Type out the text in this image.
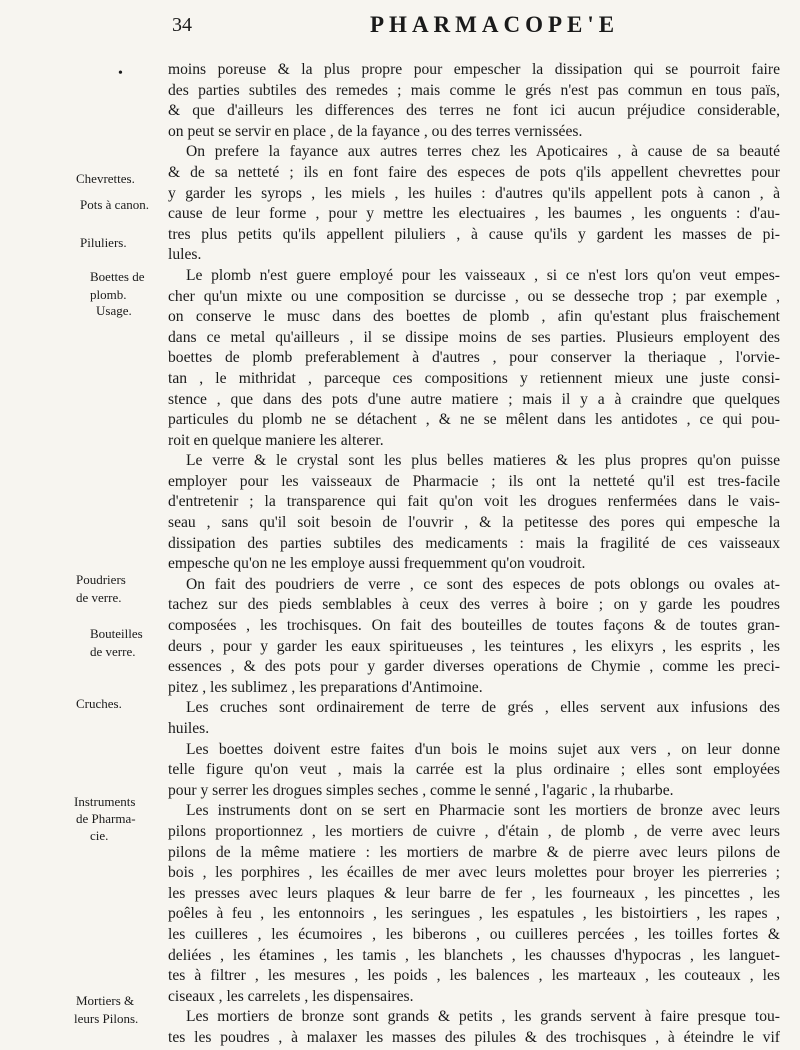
34	PHARMACOPE'E
•
Chevrettes.
Pots à canon.
Piluliers.
Boettes de
plomb.
Usage.
Poudriers
de verre.
Bouteilles
de verre.
Cruches.
Instruments
de Pharma-
cie.
Mortiers &
leurs Pilons.
moins poreuse & la plus propre pour empescher la dissipation qui se pourroit faire
des parties subtiles des remedes ; mais comme le grés n'est pas commun en tous païs,
& que d'ailleurs les differences des terres ne font ici aucun préjudice considerable,
on peut se servir en place , de la fayance , ou des terres vernissées.
On prefere la fayance aux autres terres chez les Apoticaires , à cause de sa beauté
& de sa netteté ; ils en font faire des especes de pots q'ils appellent chevrettes pour
y garder les syrops , les miels , les huiles : d'autres qu'ils appellent pots à canon , à
cause de leur forme , pour y mettre les electuaires , les baumes , les onguents : d'au-
tres plus petits qu'ils appellent piluliers , à cause qu'ils y gardent les masses de pi-
lules.
Le plomb n'est guere employé pour les vaisseaux , si ce n'est lors qu'on veut empes-
cher qu'un mixte ou une composition se durcisse , ou se desseche trop ; par exemple ,
on conserve le musc dans des boettes de plomb , afin qu'estant plus fraischement
dans ce metal qu'ailleurs , il se dissipe moins de ses parties. Plusieurs employent des
boettes de plomb preferablement à d'autres , pour conserver la theriaque , l'orvie-
tan , le mithridat , parceque ces compositions y retiennent mieux une juste consi-
stence , que dans des pots d'une autre matiere ; mais il y a à craindre que quelques
particules du plomb ne se détachent , & ne se mêlent dans les antidotes , ce qui pou-
roit en quelque maniere les alterer.
Le verre & le crystal sont les plus belles matieres & les plus propres qu'on puisse
employer pour les vaisseaux de Pharmacie ; ils ont la netteté qu'il est tres-facile
d'entretenir ; la transparence qui fait qu'on voit les drogues renfermées dans le vais-
seau , sans qu'il soit besoin de l'ouvrir , & la petitesse des pores qui empesche la
dissipation des parties subtiles des medicaments : mais la fragilité de ces vaisseaux
empesche qu'on ne les employe aussi frequemment qu'on voudroit.
On fait des poudriers de verre , ce sont des especes de pots oblongs ou ovales at-
tachez sur des pieds semblables à ceux des verres à boire ; on y garde les poudres
composées , les trochisques. On fait des bouteilles de toutes façons & de toutes gran-
deurs , pour y garder les eaux spiritueuses , les teintures , les elixyrs , les esprits , les
essences , & des pots pour y garder diverses operations de Chymie , comme les preci-
pitez , les sublimez , les preparations d'Antimoine.
Les cruches sont ordinairement de terre de grés , elles servent aux infusions des
huiles.
Les boettes doivent estre faites d'un bois le moins sujet aux vers , on leur donne
telle figure qu'on veut , mais la carrée est la plus ordinaire ; elles sont employées
pour y serrer les drogues simples seches , comme le senné , l'agaric , la rhubarbe.
Les instruments dont on se sert en Pharmacie sont les mortiers de bronze avec leurs
pilons proportionnez , les mortiers de cuivre , d'étain , de plomb , de verre avec leurs
pilons de la même matiere : les mortiers de marbre & de pierre avec leurs pilons de
bois , les porphires , les écailles de mer avec leurs molettes pour broyer les pierreries ;
les presses avec leurs plaques & leur barre de fer , les fourneaux , les pincettes , les
poêles à feu , les entonnoirs , les seringues , les espatules , les bistoirtiers , les rapes ,
les cuilleres , les écumoires , les biberons , ou cuilleres percées , les toilles fortes &
deliées , les étamines , les tamis , les blanchets , les chausses d'hypocras , les languet-
tes à filtrer , les mesures , les poids , les balences , les marteaux , les couteaux , les
ciseaux , les carrelets , les dispensaires.
Les mortiers de bronze sont grands & petits , les grands servent à faire presque tou-
tes les poudres , à malaxer les masses des pilules & des trochisques , à éteindre le vif
